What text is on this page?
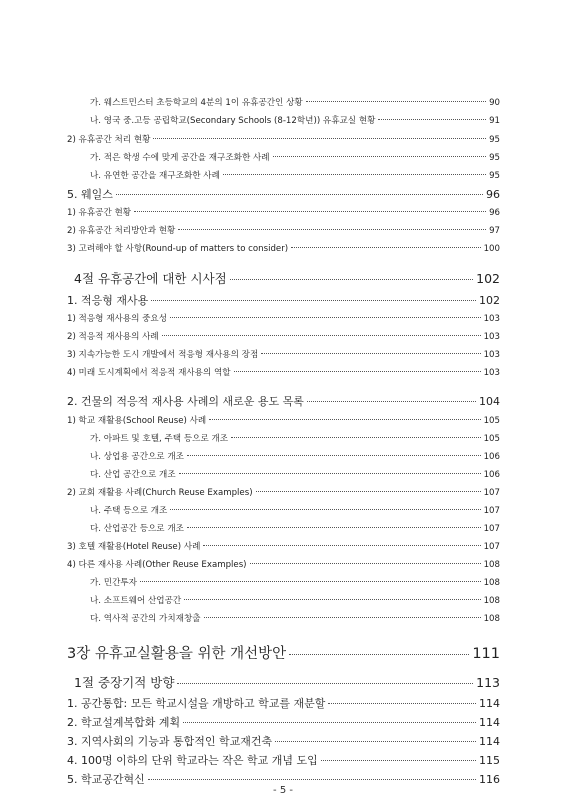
가. 웨스트민스터 초등학교의 4분의 1이 유휴공간인 상황	90
나. 영국 중.고등 공립학교(Secondary Schools (8-12학년)) 유휴교실 현황	91
2) 유휴공간 처리 현황	95
가. 적은 학생 수에 맞게 공간을 재구조화한 사례	95
나. 유연한 공간을 재구조화한 사례	95
5. 웨일스	96
1) 유휴공간 현황	96
2) 유휴공간 처리방안과 현황	97
3) 고려해야 할 사항(Round-up of matters to consider)	100
4절 유휴공간에 대한 시사점	102
1. 적응형 재사용	102
1) 적응형 재사용의 중요성	103
2) 적응적 재사용의 사례	103
3) 지속가능한 도시 개발에서 적응형 재사용의 장점	103
4) 미래 도시계획에서 적응적 재사용의 역할	103
2. 건물의 적응적 재사용 사례의 새로운 용도 목록	104
1) 학교 재활용(School Reuse) 사례	105
가. 아파트 및 호텔, 주택 등으로 개조	105
나. 상업용 공간으로 개조	106
다. 산업 공간으로 개조	106
2) 교회 재활용 사례(Church Reuse Examples)	107
나. 주택 등으로 개조	107
다. 산업공간 등으로 개조	107
3) 호텔 재활용(Hotel Reuse) 사례	107
4) 다른 재사용 사례(Other Reuse Examples)	108
가. 민간투자	108
나. 소프트웨어 산업공간	108
다. 역사적 공간의 가치재창출	108
3장 유휴교실활용을 위한 개선방안	111
1절 중장기적 방향	113
1. 공간통합: 모든 학교시설을 개방하고 학교를 재분할	114
2. 학교설계복합화 계획	114
3. 지역사회의 기능과 통합적인 학교재건축	114
4. 100명 이하의 단위 학교라는 작은 학교 개념 도입	115
5. 학교공간혁신	116
- 5 -
